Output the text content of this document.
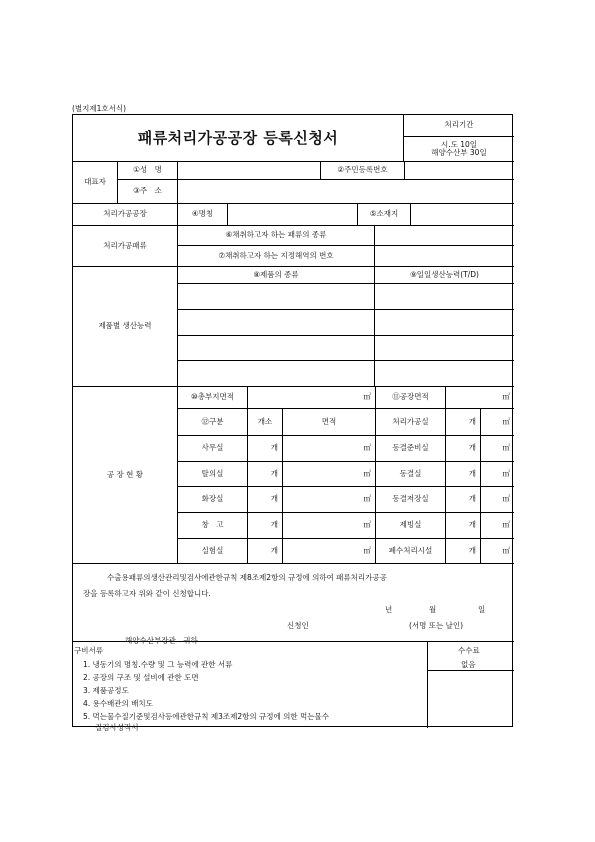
(별지제1호서식)
패류처리가공공장 등록신청서
처리기간
시.도 10일
해양수산부 30일
대표자
①성　명	②주민등록번호
③주　소
처리가공공장	④명칭	⑤소재지
처리가공패류
⑥채취하고자 하는 패류의 종류
⑦채취하고자 하는 지정해역의 번호
제품별 생산능력
⑧제품의 종류	⑨일일생산능력(T/D)
공 장 현 황
⑩총부지면적	㎡	⑪공장면적	㎡
⑫구분	개소	면적	처리가공실	개	㎡
사무실	개	㎡	동결준비실	개	㎡
탈의실	개	㎡	동결실	개	㎡
화장실	개	㎡	동결저장실	개	㎡
창　고	개	㎡	제빙실	개	㎡
실험실	개	㎡	폐수처리시설	개	㎡
수출용패류의생산관리및검사에관한규칙 제8조제2항의 규정에 의하여 패류처리가공공
장을 등록하고자 위와 같이 신청합니다.
년	월	일
신청인	(서명 또는 날인)
해양수산부장관　귀하
구비서류
1. 냉동기의 명칭.수량 및 그 능력에 관한 서류
2. 공장의 구조 및 설비에 관한 도면
3. 제품공정도
4. 용수배관의 배치도
5. 먹는물수질기준및검사등에관한규칙 제3조제2항의 규정에 의한 먹는물수
질검사성적서
수수료
없음
